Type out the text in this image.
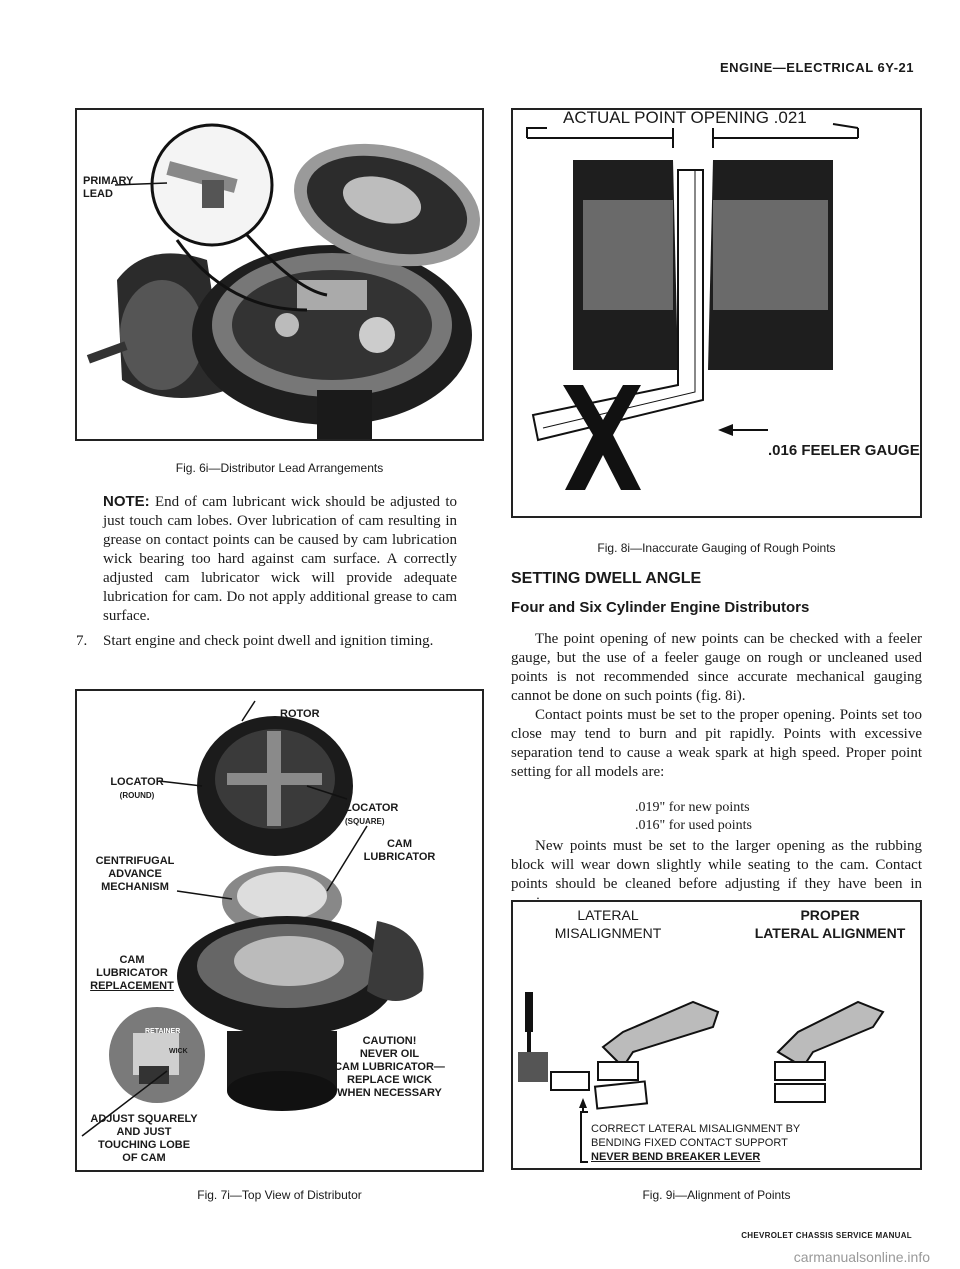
ENGINE—ELECTRICAL 6Y-21
PRIMARY
LEAD
Fig. 6i—Distributor Lead Arrangements
NOTE: End of cam lubricant wick should be adjusted to just touch cam lobes. Over lubrication of cam resulting in grease on contact points can be caused by cam lubrication wick bearing too hard against cam surface. A correctly adjusted cam lubricator wick will provide adequate lubrication for cam. Do not apply additional grease to cam surface.
7. Start engine and check point dwell and ignition timing.
ROTOR
LOCATOR
(ROUND)
LOCATOR
(SQUARE)
CAM
LUBRICATOR
CENTRIFUGAL
ADVANCE
MECHANISM
CAM
LUBRICATOR
REPLACEMENT
RETAINER
WICK
CAUTION!
NEVER OIL
CAM LUBRICATOR—
REPLACE WICK
WHEN NECESSARY
ADJUST SQUARELY
AND JUST
TOUCHING LOBE
OF CAM
Fig. 7i—Top View of Distributor
ACTUAL POINT OPENING .021
.016 FEELER GAUGE
Fig. 8i—Inaccurate Gauging of Rough Points
SETTING DWELL ANGLE
Four and Six Cylinder Engine Distributors
The point opening of new points can be checked with a feeler gauge, but the use of a feeler gauge on rough or uncleaned used points is not recommended since accurate mechanical gauging cannot be done on such points (fig. 8i).
Contact points must be set to the proper opening. Points set too close may tend to burn and pit rapidly. Points with excessive separation tend to cause a weak spark at high speed. Proper point setting for all models are:
.019" for new points
.016" for used points
New points must be set to the larger opening as the rubbing block will wear down slightly while seating to the cam. Contact points should be cleaned before adjusting if they have been in
LATERAL
MISALIGNMENT
PROPER
LATERAL ALIGNMENT
CORRECT LATERAL MISALIGNMENT BY
BENDING FIXED CONTACT SUPPORT
NEVER BEND BREAKER LEVER
Fig. 9i—Alignment of Points
CHEVROLET CHASSIS SERVICE MANUAL
carmanualsonline.info
